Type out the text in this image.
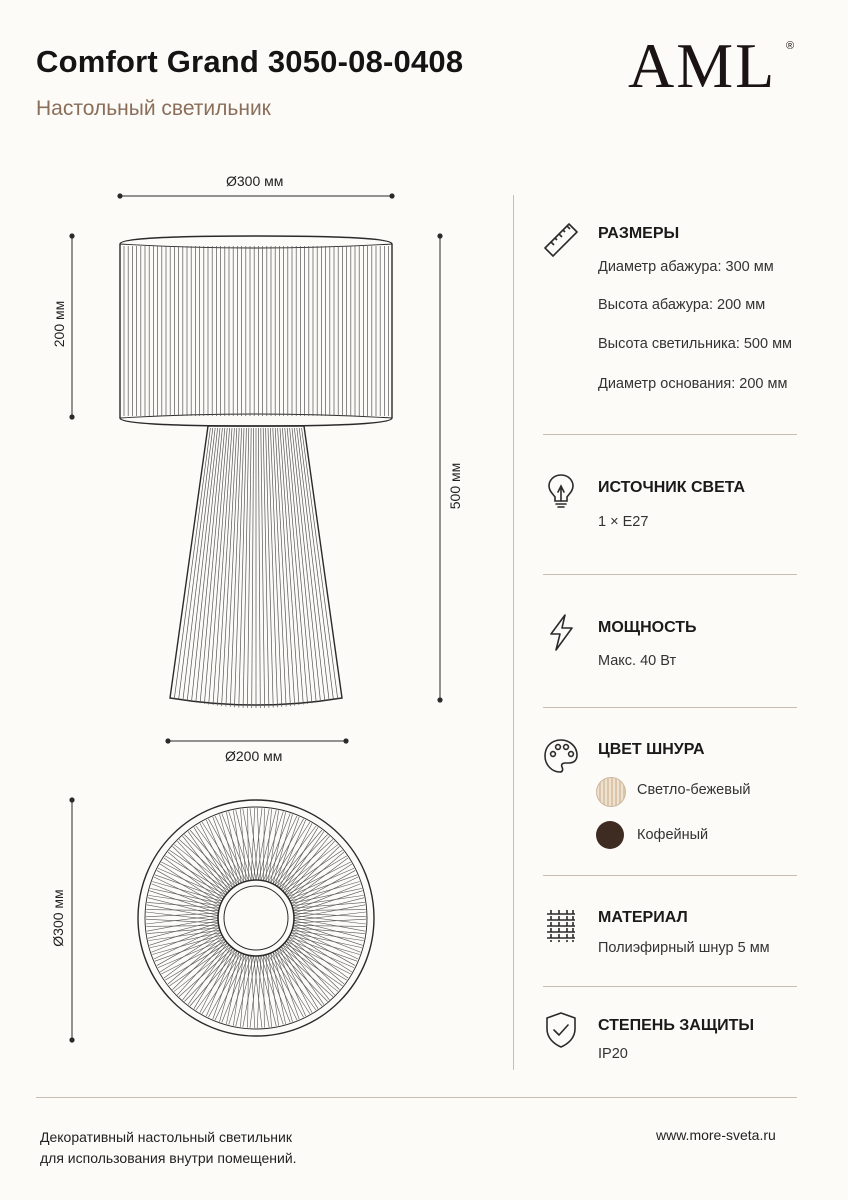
Comfort Grand 3050-08-0408
Настольный светильник
AML ®
Ø300 мм
200 мм
500 мм
Ø200 мм
Ø300 мм
РАЗМЕРЫ
Диаметр абажура: 300 мм
Высота абажура: 200 мм
Высота светильника: 500 мм
Диаметр основания: 200 мм
ИСТОЧНИК СВЕТА
1 × E27
МОЩНОСТЬ
Макс. 40 Вт
ЦВЕТ ШНУРА
Светло-бежевый
Кофейный
МАТЕРИАЛ
Полиэфирный шнур 5 мм
СТЕПЕНЬ ЗАЩИТЫ
IP20
Декоративный настольный светильник
для использования внутри помещений.
www.more-sveta.ru
